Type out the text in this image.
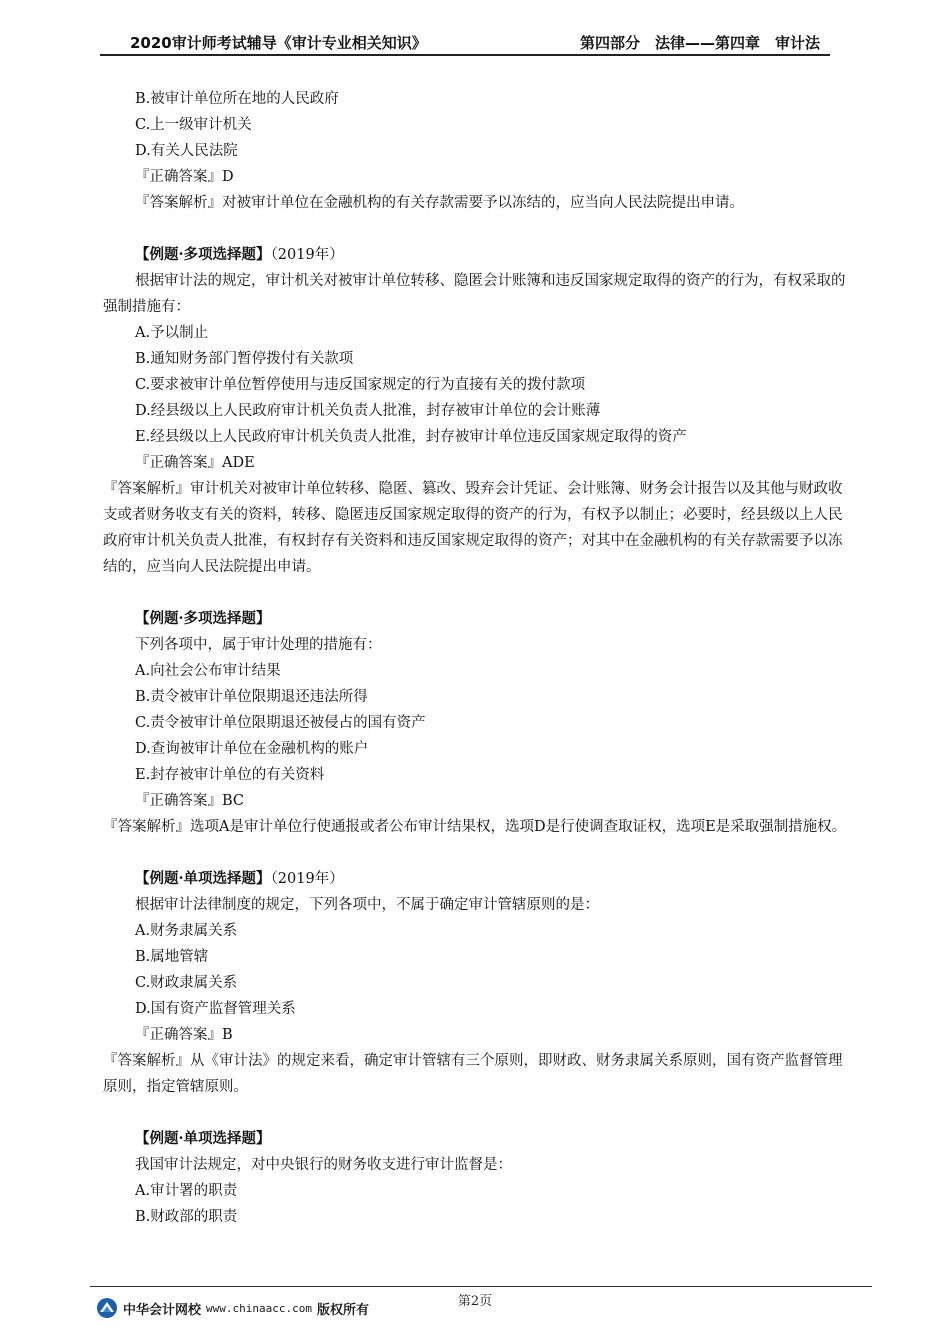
2020审计师考试辅导《审计专业相关知识》	第四部分　法律——第四章　审计法
B.被审计单位所在地的人民政府
C.上一级审计机关
D.有关人民法院
『正确答案』D
『答案解析』对被审计单位在金融机构的有关存款需要予以冻结的，应当向人民法院提出申请。
【例题·多项选择题】（2019年）
根据审计法的规定，审计机关对被审计单位转移、隐匿会计账簿和违反国家规定取得的资产的行为，有权采取的强制措施有：
A.予以制止
B.通知财务部门暂停拨付有关款项
C.要求被审计单位暂停使用与违反国家规定的行为直接有关的拨付款项
D.经县级以上人民政府审计机关负责人批准，封存被审计单位的会计账薄
E.经县级以上人民政府审计机关负责人批准，封存被审计单位违反国家规定取得的资产
『正确答案』ADE
『答案解析』审计机关对被审计单位转移、隐匿、篡改、毁弃会计凭证、会计账簿、财务会计报告以及其他与财政收支或者财务收支有关的资料，转移、隐匿违反国家规定取得的资产的行为，有权予以制止；必要时，经县级以上人民政府审计机关负责人批准，有权封存有关资料和违反国家规定取得的资产；对其中在金融机构的有关存款需要予以冻结的，应当向人民法院提出申请。
【例题·多项选择题】
下列各项中，属于审计处理的措施有：
A.向社会公布审计结果
B.责令被审计单位限期退还违法所得
C.责令被审计单位限期退还被侵占的国有资产
D.查询被审计单位在金融机构的账户
E.封存被审计单位的有关资料
『正确答案』BC
『答案解析』选项A是审计单位行使通报或者公布审计结果权，选项D是行使调查取证权，选项E是采取强制措施权。
【例题·单项选择题】（2019年）
根据审计法律制度的规定，下列各项中，不属于确定审计管辖原则的是：
A.财务隶属关系
B.属地管辖
C.财政隶属关系
D.国有资产监督管理关系
『正确答案』B
『答案解析』从《审计法》的规定来看，确定审计管辖有三个原则，即财政、财务隶属关系原则，国有资产监督管理原则，指定管辖原则。
【例题·单项选择题】
我国审计法规定，对中央银行的财务收支进行审计监督是：
A.审计署的职责
B.财政部的职责
第2页
中华会计网校 www.chinaacc.com 版权所有
